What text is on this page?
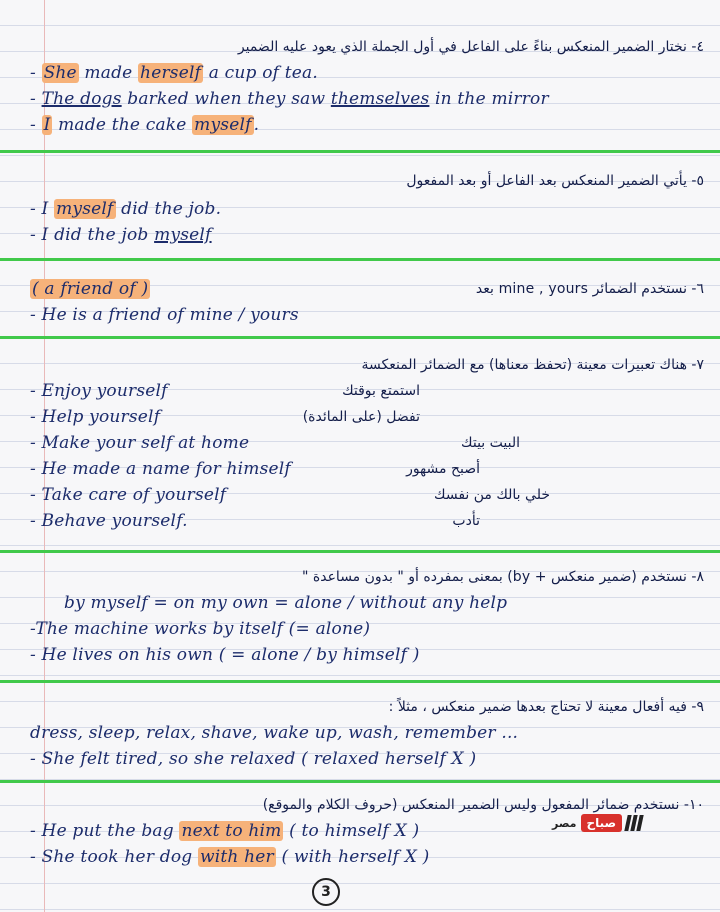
٤- نختار الضمير المنعكس بناءً على الفاعل في أول الجملة الذي يعود عليه الضمير
- She made herself a cup of tea.
- The dogs barked when they saw themselves in the mirror
- I made the cake myself .
٥- يأتي الضمير المنعكس بعد الفاعل أو بعد المفعول
- I myself did the job.
- I did the job myself
( a friend of )	٦- نستخدم الضمائر mine , yours بعد
- He is a friend of mine / yours
٧- هناك تعبيرات معينة (تحفظ معناها) مع الضمائر المنعكسة
- Enjoy yourself	استمتع بوقتك
- Help yourself	تفضل (على المائدة)
- Make your self at home	البيت بيتك
- He made a name for himself	أصبح مشهور
- Take care of yourself	خلي بالك من نفسك
- Behave yourself.	تأدب
٨- نستخدم (ضمير منعكس + by) بمعنى بمفرده أو " بدون مساعدة "
by myself = on my own = alone / without any help
-The machine works by itself (= alone)
- He lives on his own ( = alone / by himself )
٩- فيه أفعال معينة لا تحتاج بعدها ضمير منعكس ، مثلاً :
dress, sleep, relax, shave, wake up, wash, remember ...
- She felt tired, so she relaxed ( relaxed herself X )
١٠- نستخدم ضمائر المفعول وليس الضمير المنعكس (حروف الكلام والموقع)
- He put the bag next to him ( to himself X )
- She took her dog with her ( with herself X )
مصر صباح
3
